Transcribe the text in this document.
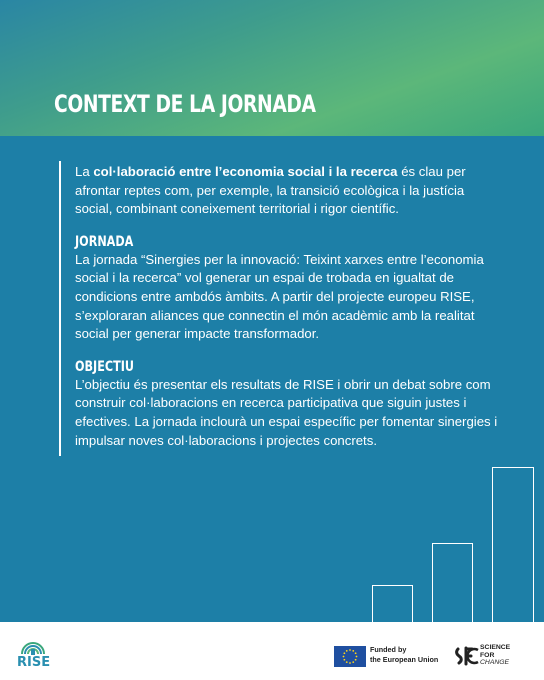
CONTEXT DE LA JORNADA

La col·laboració entre l’economia social i la recerca és clau per afrontar reptes com, per exemple, la transició ecològica i la justícia social, combinant coneixement territorial i rigor científic.

JORNADA

La jornada “Sinergies per la innovació: Teixint xarxes entre l’economia social i la recerca” vol generar un espai de trobada en igualtat de condicions entre ambdós àmbits. A partir del projecte europeu RISE, s’exploraran aliances que connectin el món acadèmic amb la realitat social per generar impacte transformador.

OBJECTIU

L’objectiu és presentar els resultats de RISE i obrir un debat sobre com construir col·laboracions en recerca participativa que siguin justes i efectives. La jornada inclourà un espai específic per fomentar sinergies i impulsar noves col·laboracions i projectes concrets.

RISE
Funded by
the European Union
SCIENCE
FOR
CHANGE
